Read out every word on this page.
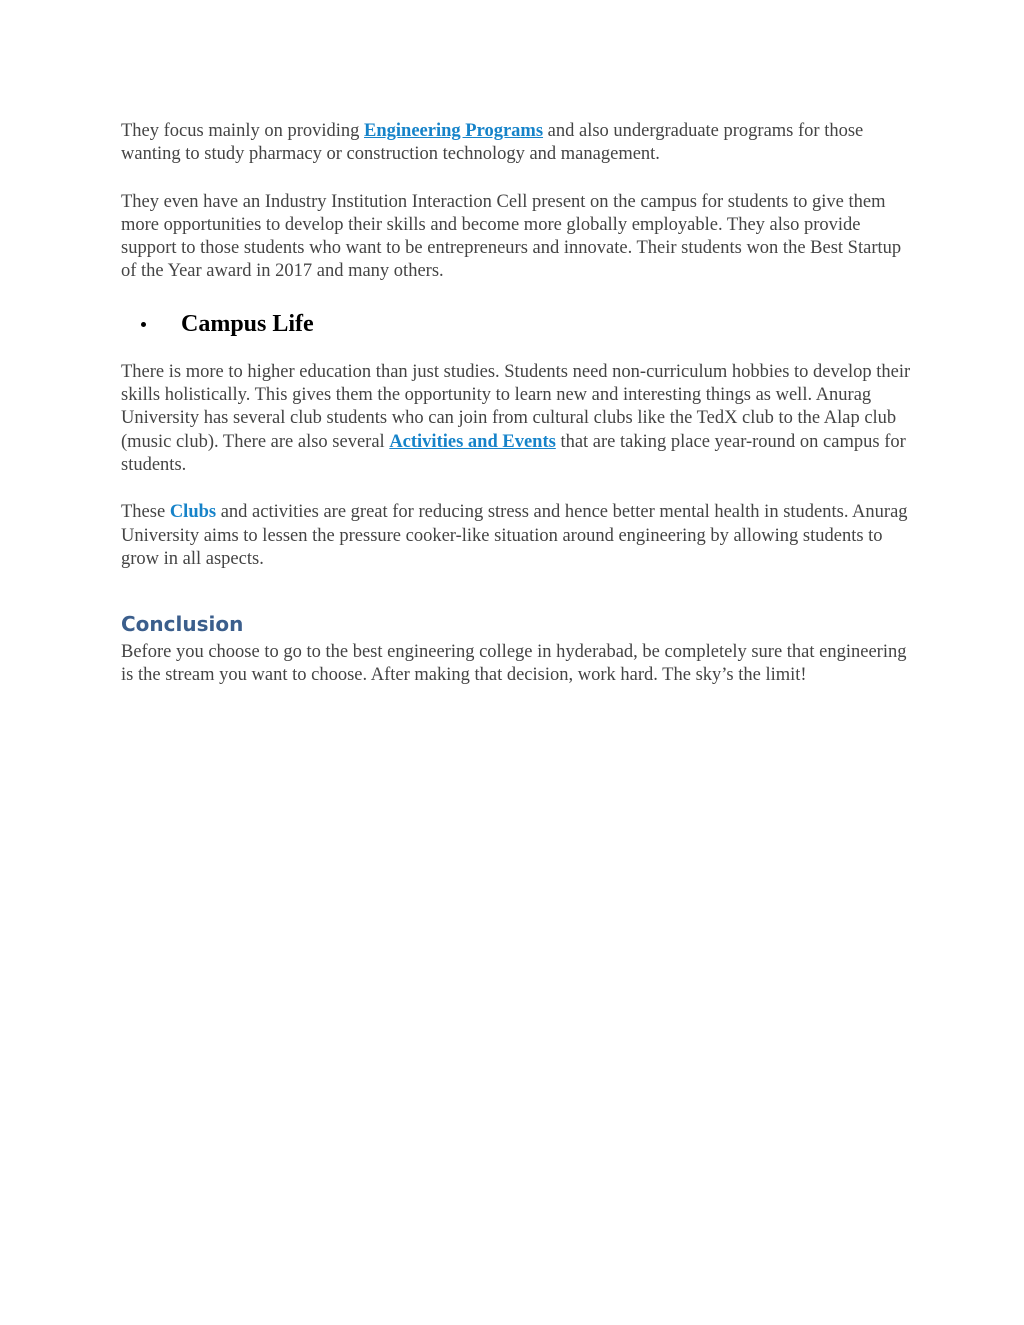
They focus mainly on providing Engineering Programs and also undergraduate programs for those wanting to study pharmacy or construction technology and management.

They even have an Industry Institution Interaction Cell present on the campus for students to give them more opportunities to develop their skills and become more globally employable. They also provide support to those students who want to be entrepreneurs and innovate. Their students won the Best Startup of the Year award in 2017 and many others.

Campus Life

There is more to higher education than just studies. Students need non-curriculum hobbies to develop their skills holistically. This gives them the opportunity to learn new and interesting things as well. Anurag University has several club students who can join from cultural clubs like the TedX club to the Alap club (music club). There are also several Activities and Events that are taking place year-round on campus for students.

These Clubs and activities are great for reducing stress and hence better mental health in students. Anurag University aims to lessen the pressure cooker-like situation around engineering by allowing students to grow in all aspects.

Conclusion

Before you choose to go to the best engineering college in hyderabad, be completely sure that engineering is the stream you want to choose. After making that decision, work hard. The sky’s the limit!
